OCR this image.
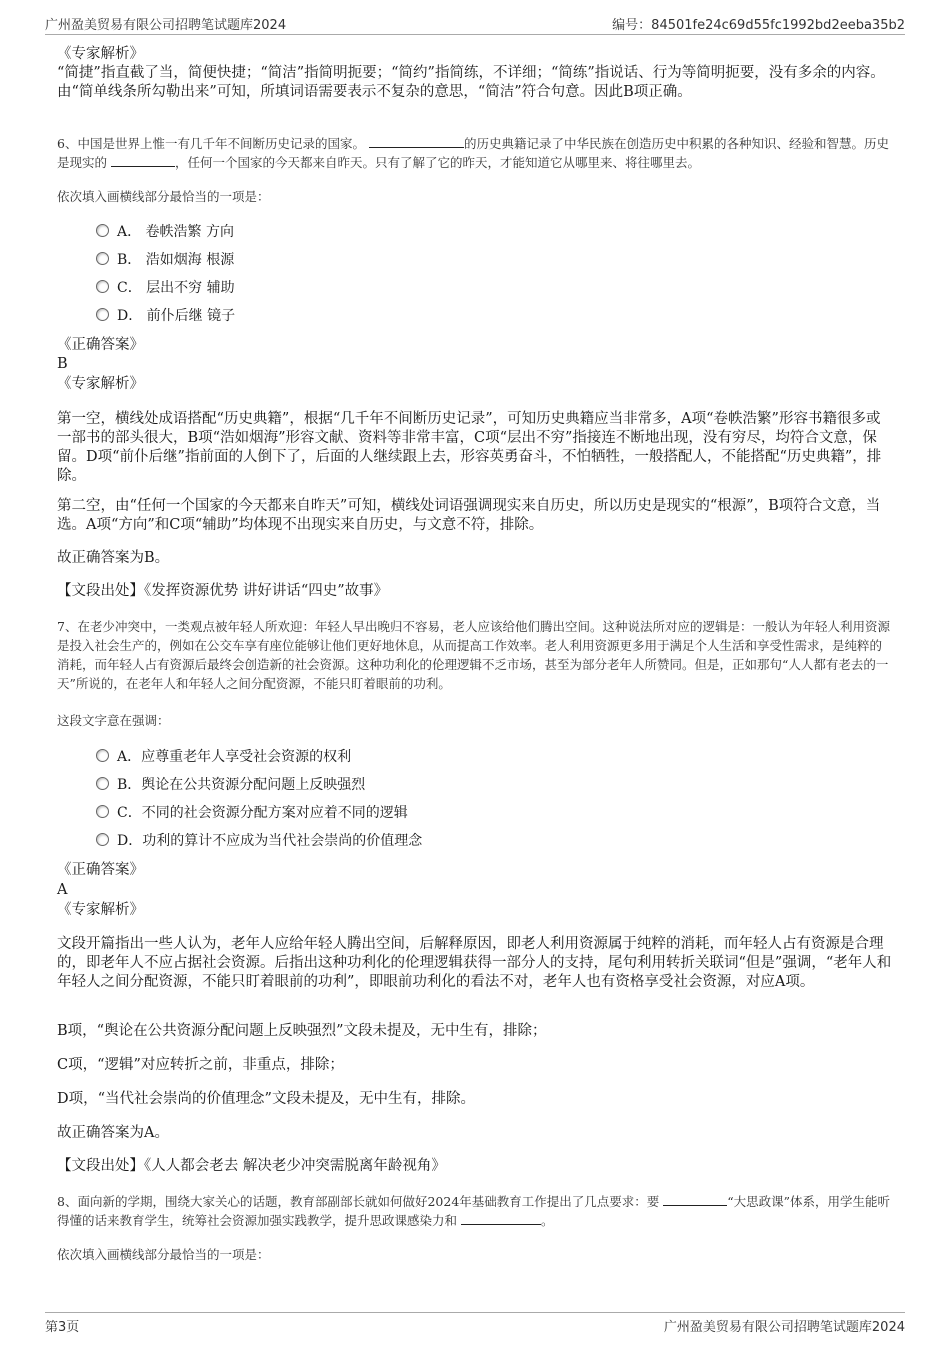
广州盈美贸易有限公司招聘笔试题库2024	编号：84501fe24c69d55fc1992bd2eeba35b2
《专家解析》
“简捷”指直截了当，简便快捷；“简洁”指简明扼要；“简约”指简练，不详细；“简练”指说话、行为等简明扼要，没有多余的内容。由“简单线条所勾勒出来”可知，所填词语需要表示不复杂的意思，“简洁”符合句意。因此B项正确。
6、中国是世界上惟一有几千年不间断历史记录的国家。	的历史典籍记录了中华民族在创造历史中积累的各种知识、经验和智慧。历史是现实的	，任何一个国家的今天都来自昨天。只有了解了它的昨天，才能知道它从哪里来、将往哪里去。
依次填入画横线部分最恰当的一项是：
A． 卷帙浩繁 方向
B． 浩如烟海 根源
C． 层出不穷 辅助
D． 前仆后继 镜子
《正确答案》
B
《专家解析》
第一空，横线处成语搭配“历史典籍”，根据“几千年不间断历史记录”，可知历史典籍应当非常多，A项“卷帙浩繁”形容书籍很多或一部书的部头很大，B项“浩如烟海”形容文献、资料等非常丰富，C项“层出不穷”指接连不断地出现，没有穷尽，均符合文意，保留。D项“前仆后继”指前面的人倒下了，后面的人继续跟上去，形容英勇奋斗，不怕牺牲，一般搭配人，不能搭配“历史典籍”，排除。
第二空，由“任何一个国家的今天都来自昨天”可知，横线处词语强调现实来自历史，所以历史是现实的“根源”，B项符合文意，当选。A项“方向”和C项“辅助”均体现不出现实来自历史，与文意不符，排除。
故正确答案为B。
【文段出处】《发挥资源优势 讲好讲话“四史”故事》
7、在老少冲突中，一类观点被年轻人所欢迎：年轻人早出晚归不容易，老人应该给他们腾出空间。这种说法所对应的逻辑是：一般认为年轻人利用资源是投入社会生产的，例如在公交车享有座位能够让他们更好地休息，从而提高工作效率。老人利用资源更多用于满足个人生活和享受性需求，是纯粹的消耗，而年轻人占有资源后最终会创造新的社会资源。这种功利化的伦理逻辑不乏市场，甚至为部分老年人所赞同。但是，正如那句“人人都有老去的一天”所说的，在老年人和年轻人之间分配资源，不能只盯着眼前的功利。
这段文字意在强调：
A．应尊重老年人享受社会资源的权利
B．舆论在公共资源分配问题上反映强烈
C．不同的社会资源分配方案对应着不同的逻辑
D．功利的算计不应成为当代社会崇尚的价值理念
《正确答案》
A
《专家解析》
文段开篇指出一些人认为，老年人应给年轻人腾出空间，后解释原因，即老人利用资源属于纯粹的消耗，而年轻人占有资源是合理的，即老年人不应占据社会资源。后指出这种功利化的伦理逻辑获得一部分人的支持，尾句利用转折关联词“但是”强调，“老年人和年轻人之间分配资源，不能只盯着眼前的功利”，即眼前功利化的看法不对，老年人也有资格享受社会资源，对应A项。
B项，“舆论在公共资源分配问题上反映强烈”文段未提及，无中生有，排除；
C项，“逻辑”对应转折之前，非重点，排除；
D项，“当代社会崇尚的价值理念”文段未提及，无中生有，排除。
故正确答案为A。
【文段出处】《人人都会老去 解决老少冲突需脱离年龄视角》
8、面向新的学期，围绕大家关心的话题，教育部副部长就如何做好2024年基础教育工作提出了几点要求：要	“大思政课”体系，用学生能听得懂的话来教育学生，统筹社会资源加强实践教学，提升思政课感染力和	。
依次填入画横线部分最恰当的一项是：
第3页	广州盈美贸易有限公司招聘笔试题库2024
